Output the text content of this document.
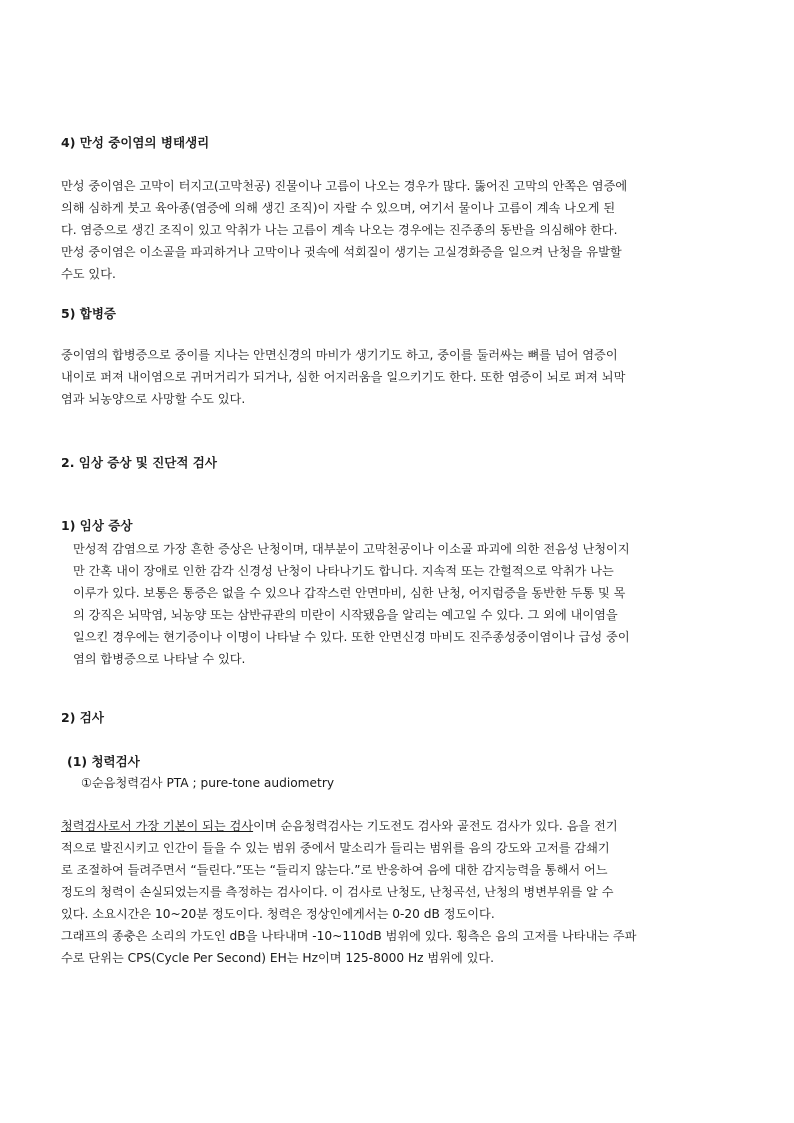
4) 만성 중이염의 병태생리

만성 중이염은 고막이 터지고(고막천공) 진물이나 고름이 나오는 경우가 많다. 뚫어진 고막의 안쪽은 염증에
의해 심하게 붓고 육아종(염증에 의해 생긴 조직)이 자랄 수 있으며, 여기서 물이나 고름이 계속 나오게 된
다. 염증으로 생긴 조직이 있고 악취가 나는 고름이 계속 나오는 경우에는 진주종의 동반을 의심해야 한다.
만성 중이염은 이소골을 파괴하거나 고막이나 귓속에 석회질이 생기는 고실경화증을 일으켜 난청을 유발할
수도 있다.

5) 합병증

중이염의 합병증으로 중이를 지나는 안면신경의 마비가 생기기도 하고, 중이를 둘러싸는 뼈를 넘어 염증이
내이로 퍼져 내이염으로 귀머거리가 되거나, 심한 어지러움을 일으키기도 한다. 또한 염증이 뇌로 퍼져 뇌막
염과 뇌농양으로 사망할 수도 있다.

2. 임상 증상 및 진단적 검사
1) 임상 증상

만성적 감염으로 가장 흔한 증상은 난청이며, 대부분이 고막천공이나 이소골 파괴에 의한 전음성 난청이지
만 간혹 내이 장애로 인한 감각 신경성 난청이 나타나기도 합니다. 지속적 또는 간헐적으로 악취가 나는
이루가 있다. 보통은 통증은 없을 수 있으나 갑작스런 안면마비, 심한 난청, 어지럼증을 동반한 두통 및 목
의 강직은 뇌막염, 뇌농양 또는 삼반규관의 미란이 시작됐음을 알리는 예고일 수 있다. 그 외에 내이염을
일으킨 경우에는 현기증이나 이명이 나타날 수 있다. 또한 안면신경 마비도 진주종성중이염이나 급성 중이
염의 합병증으로 나타날 수 있다.

2) 검사
(1) 청력검사
①순음청력검사 PTA ; pure-tone audiometry

청력검사로서 가장 기본이 되는 검사이며 순음청력검사는 기도전도 검사와 골전도 검사가 있다. 음을 전기
적으로 발진시키고 인간이 들을 수 있는 범위 중에서 말소리가 들리는 범위를 음의 강도와 고저를 감쇄기
로 조절하여 들려주면서 “들린다.”또는 “들리지 않는다.”로 반응하여 음에 대한 감지능력을 통해서 어느
정도의 청력이 손실되었는지를 측정하는 검사이다. 이 검사로 난청도, 난청곡선, 난청의 병변부위를 알 수
있다. 소요시간은 10~20분 정도이다. 청력은 정상인에게서는 0-20 dB 정도이다.
그래프의 종충은 소리의 가도인 dB을 나타내며 -10~110dB 범위에 있다. 횡측은 음의 고저를 나타내는 주파
수로 단위는 CPS(Cycle Per Second) EH는 Hz이며 125-8000 Hz 범위에 있다.
